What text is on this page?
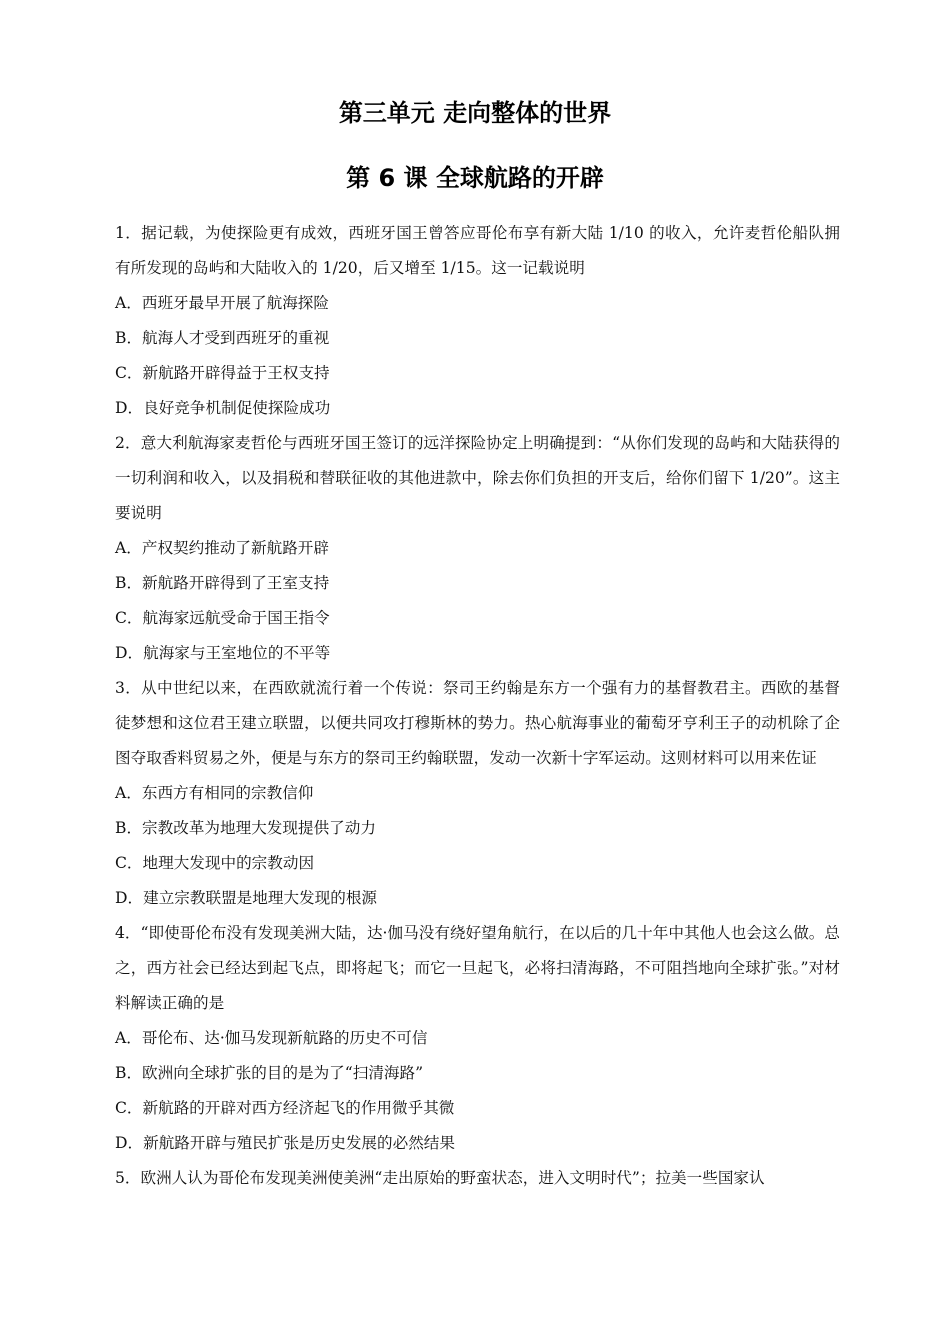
第三单元 走向整体的世界
第 6 课 全球航路的开辟
1．据记载，为使探险更有成效，西班牙国王曾答应哥伦布享有新大陆 1/10 的收入，允许麦哲伦船队拥有所发现的岛屿和大陆收入的 1/20，后又增至 1/15。这一记载说明
A．西班牙最早开展了航海探险
B．航海人才受到西班牙的重视
C．新航路开辟得益于王权支持
D．良好竞争机制促使探险成功
2．意大利航海家麦哲伦与西班牙国王签订的远洋探险协定上明确提到：“从你们发现的岛屿和大陆获得的一切利润和收入，以及捐税和替联征收的其他进款中，除去你们负担的开支后，给你们留下 1/20”。这主要说明
A．产权契约推动了新航路开辟
B．新航路开辟得到了王室支持
C．航海家远航受命于国王指令
D．航海家与王室地位的不平等
3．从中世纪以来，在西欧就流行着一个传说：祭司王约翰是东方一个强有力的基督教君主。西欧的基督徒梦想和这位君王建立联盟，以便共同攻打穆斯林的势力。热心航海事业的葡萄牙亨利王子的动机除了企图夺取香料贸易之外，便是与东方的祭司王约翰联盟，发动一次新十字军运动。这则材料可以用来佐证
A．东西方有相同的宗教信仰
B．宗教改革为地理大发现提供了动力
C．地理大发现中的宗教动因
D．建立宗教联盟是地理大发现的根源
4．“即使哥伦布没有发现美洲大陆，达·伽马没有绕好望角航行，在以后的几十年中其他人也会这么做。总之，西方社会已经达到起飞点，即将起飞；而它一旦起飞，必将扫清海路，不可阻挡地向全球扩张。”对材料解读正确的是
A．哥伦布、达·伽马发现新航路的历史不可信
B．欧洲向全球扩张的目的是为了“扫清海路”
C．新航路的开辟对西方经济起飞的作用微乎其微
D．新航路开辟与殖民扩张是历史发展的必然结果
5．欧洲人认为哥伦布发现美洲使美洲“走出原始的野蛮状态，进入文明时代”；拉美一些国家认
